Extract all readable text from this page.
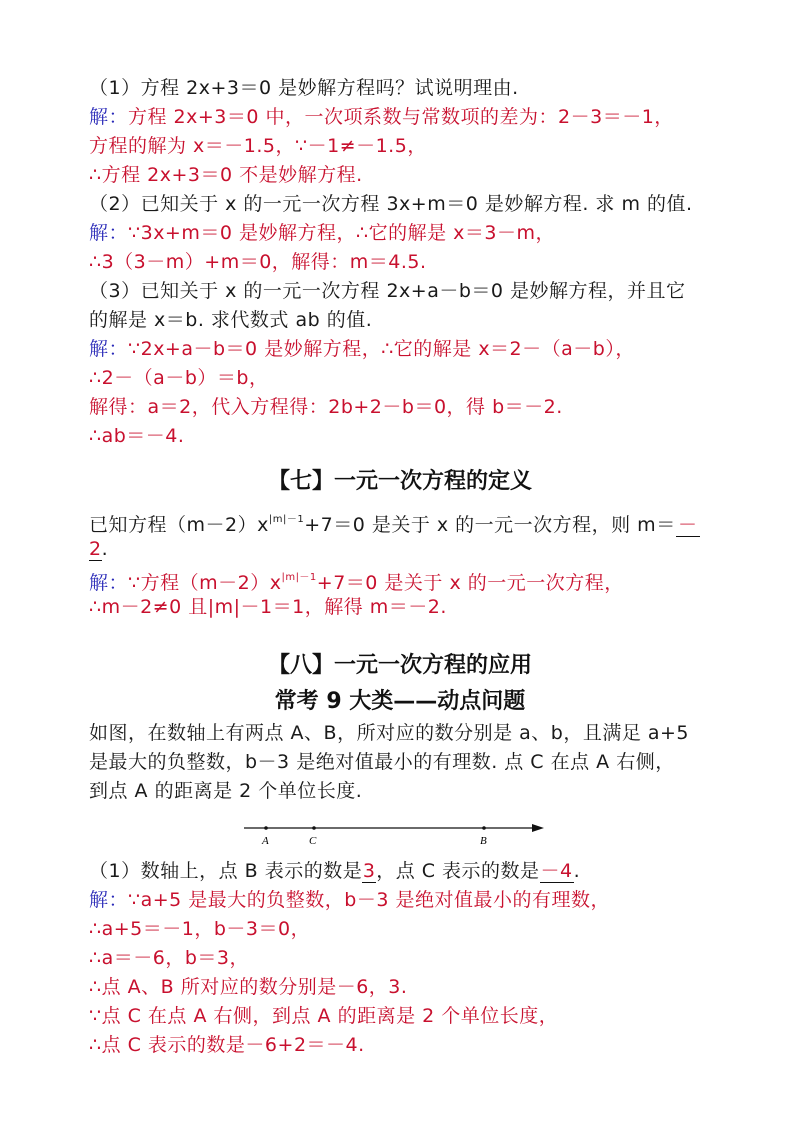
（1）方程 2x+3＝0 是妙解方程吗？试说明理由.
解：方程 2x+3＝0 中，一次项系数与常数项的差为：2－3＝－1，
方程的解为 x＝－1.5，∵－1≠－1.5，
∴方程 2x+3＝0 不是妙解方程.
（2）已知关于 x 的一元一次方程 3x+m＝0 是妙解方程. 求 m 的值.
解：∵3x+m＝0 是妙解方程，∴它的解是 x＝3－m，
∴3（3－m）+m＝0，解得：m＝4.5.
（3）已知关于 x 的一元一次方程 2x+a－b＝0 是妙解方程，并且它
的解是 x＝b. 求代数式 ab 的值.
解：∵2x+a－b＝0 是妙解方程，∴它的解是 x＝2－（a－b），
∴2－（a－b）＝b，
解得：a＝2，代入方程得：2b+2－b＝0，得 b＝－2.
∴ab＝－4.
【七】一元一次方程的定义
已知方程$(m-2)x^{|m|-1}+7=0$ 是关于 x 的一元一次方程，则 m＝ －
2.
解：∵方程$(m-2)x^{|m|-1}+7=0$ 是关于 x 的一元一次方程，
∴m－2≠0 且|m|－1＝1，解得 m＝－2.
【八】一元一次方程的应用
常考 9 大类——动点问题
如图，在数轴上有两点 A、B，所对应的数分别是 a、b，且满足 a+5
是最大的负整数，b－3 是绝对值最小的有理数. 点 C 在点 A 右侧，
到点 A 的距离是 2 个单位长度.
A	C	B
（1）数轴上，点 B 表示的数是3，点 C 表示的数是－4.
解：∵a+5 是最大的负整数，b－3 是绝对值最小的有理数，
∴a+5＝－1，b－3＝0，
∴a＝－6，b＝3，
∴点 A、B 所对应的数分别是－6，3.
∵点 C 在点 A 右侧，到点 A 的距离是 2 个单位长度，
∴点 C 表示的数是－6+2＝－4.
